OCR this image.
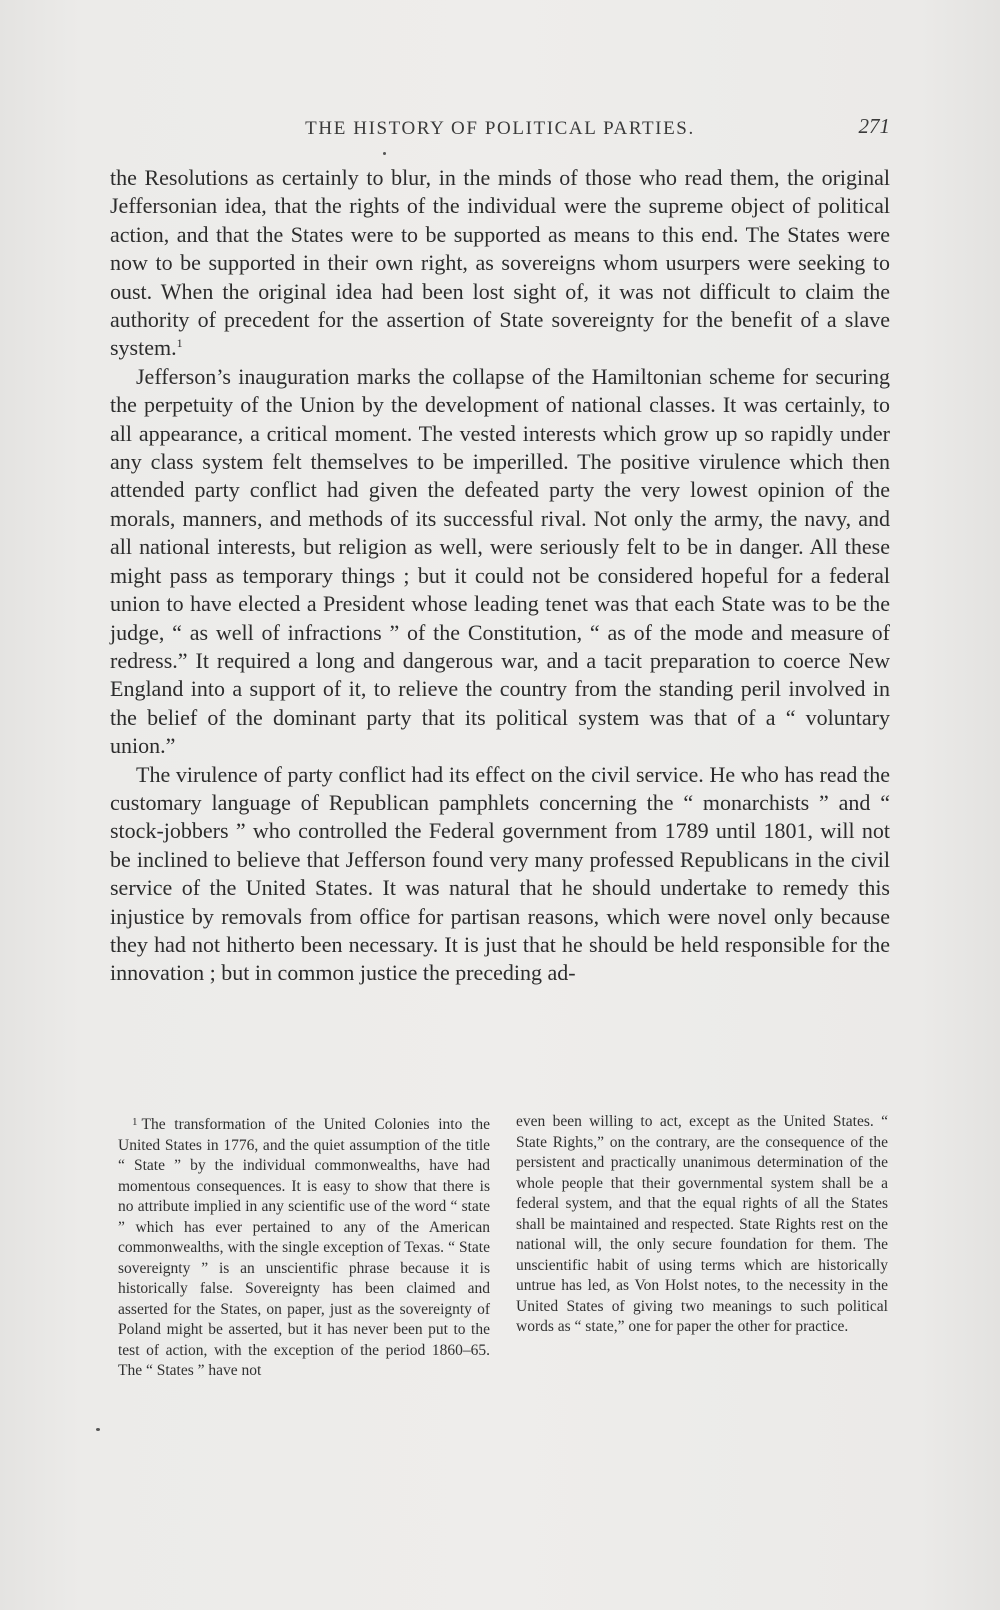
THE HISTORY OF POLITICAL PARTIES.	271

the Resolutions as certainly to blur, in the minds of those who read them, the original Jeffersonian idea, that the rights of the individual were the supreme object of political action, and that the States were to be supported as means to this end. The States were now to be supported in their own right, as sovereigns whom usurpers were seeking to oust. When the original idea had been lost sight of, it was not difficult to claim the authority of precedent for the assertion of State sovereignty for the benefit of a slave system.$^1$

Jefferson’s inauguration marks the collapse of the Hamiltonian scheme for securing the perpetuity of the Union by the development of national classes. It was certainly, to all appearance, a critical moment. The vested interests which grow up so rapidly under any class system felt themselves to be imperilled. The positive virulence which then attended party conflict had given the defeated party the very lowest opinion of the morals, manners, and methods of its successful rival. Not only the army, the navy, and all national interests, but religion as well, were seriously felt to be in danger. All these might pass as temporary things ; but it could not be considered hopeful for a federal union to have elected a President whose leading tenet was that each State was to be the judge, “ as well of infractions ” of the Constitution, “ as of the mode and measure of redress.” It required a long and dangerous war, and a tacit preparation to coerce New England into a support of it, to relieve the country from the standing peril involved in the belief of the dominant party that its political system was that of a “ voluntary union.”

The virulence of party conflict had its effect on the civil service. He who has read the customary language of Republican pamphlets concerning the “ monarchists ” and “ stock-jobbers ” who controlled the Federal government from 1789 until 1801, will not be inclined to believe that Jefferson found very many professed Republicans in the civil service of the United States. It was natural that he should undertake to remedy this injustice by removals from office for partisan reasons, which were novel only because they had not hitherto been necessary. It is just that he should be held responsible for the innovation ; but in common justice the preceding ad-

$^1$ The transformation of the United Colonies into the United States in 1776, and the quiet assumption of the title “ State ” by the individual commonwealths, have had momentous consequences. It is easy to show that there is no attribute implied in any scientific use of the word “ state ” which has ever pertained to any of the American commonwealths, with the single exception of Texas. “ State sovereignty ” is an unscientific phrase because it is historically false. Sovereignty has been claimed and asserted for the States, on paper, just as the sovereignty of Poland might be asserted, but it has never been put to the test of action, with the exception of the period 1860–65. The “ States ” have not

even been willing to act, except as the United States. “ State Rights,” on the contrary, are the consequence of the persistent and practically unanimous determination of the whole people that their governmental system shall be a federal system, and that the equal rights of all the States shall be maintained and respected. State Rights rest on the national will, the only secure foundation for them. The unscientific habit of using terms which are historically untrue has led, as Von Holst notes, to the necessity in the United States of giving two meanings to such political words as “ state,” one for paper the other for practice.
